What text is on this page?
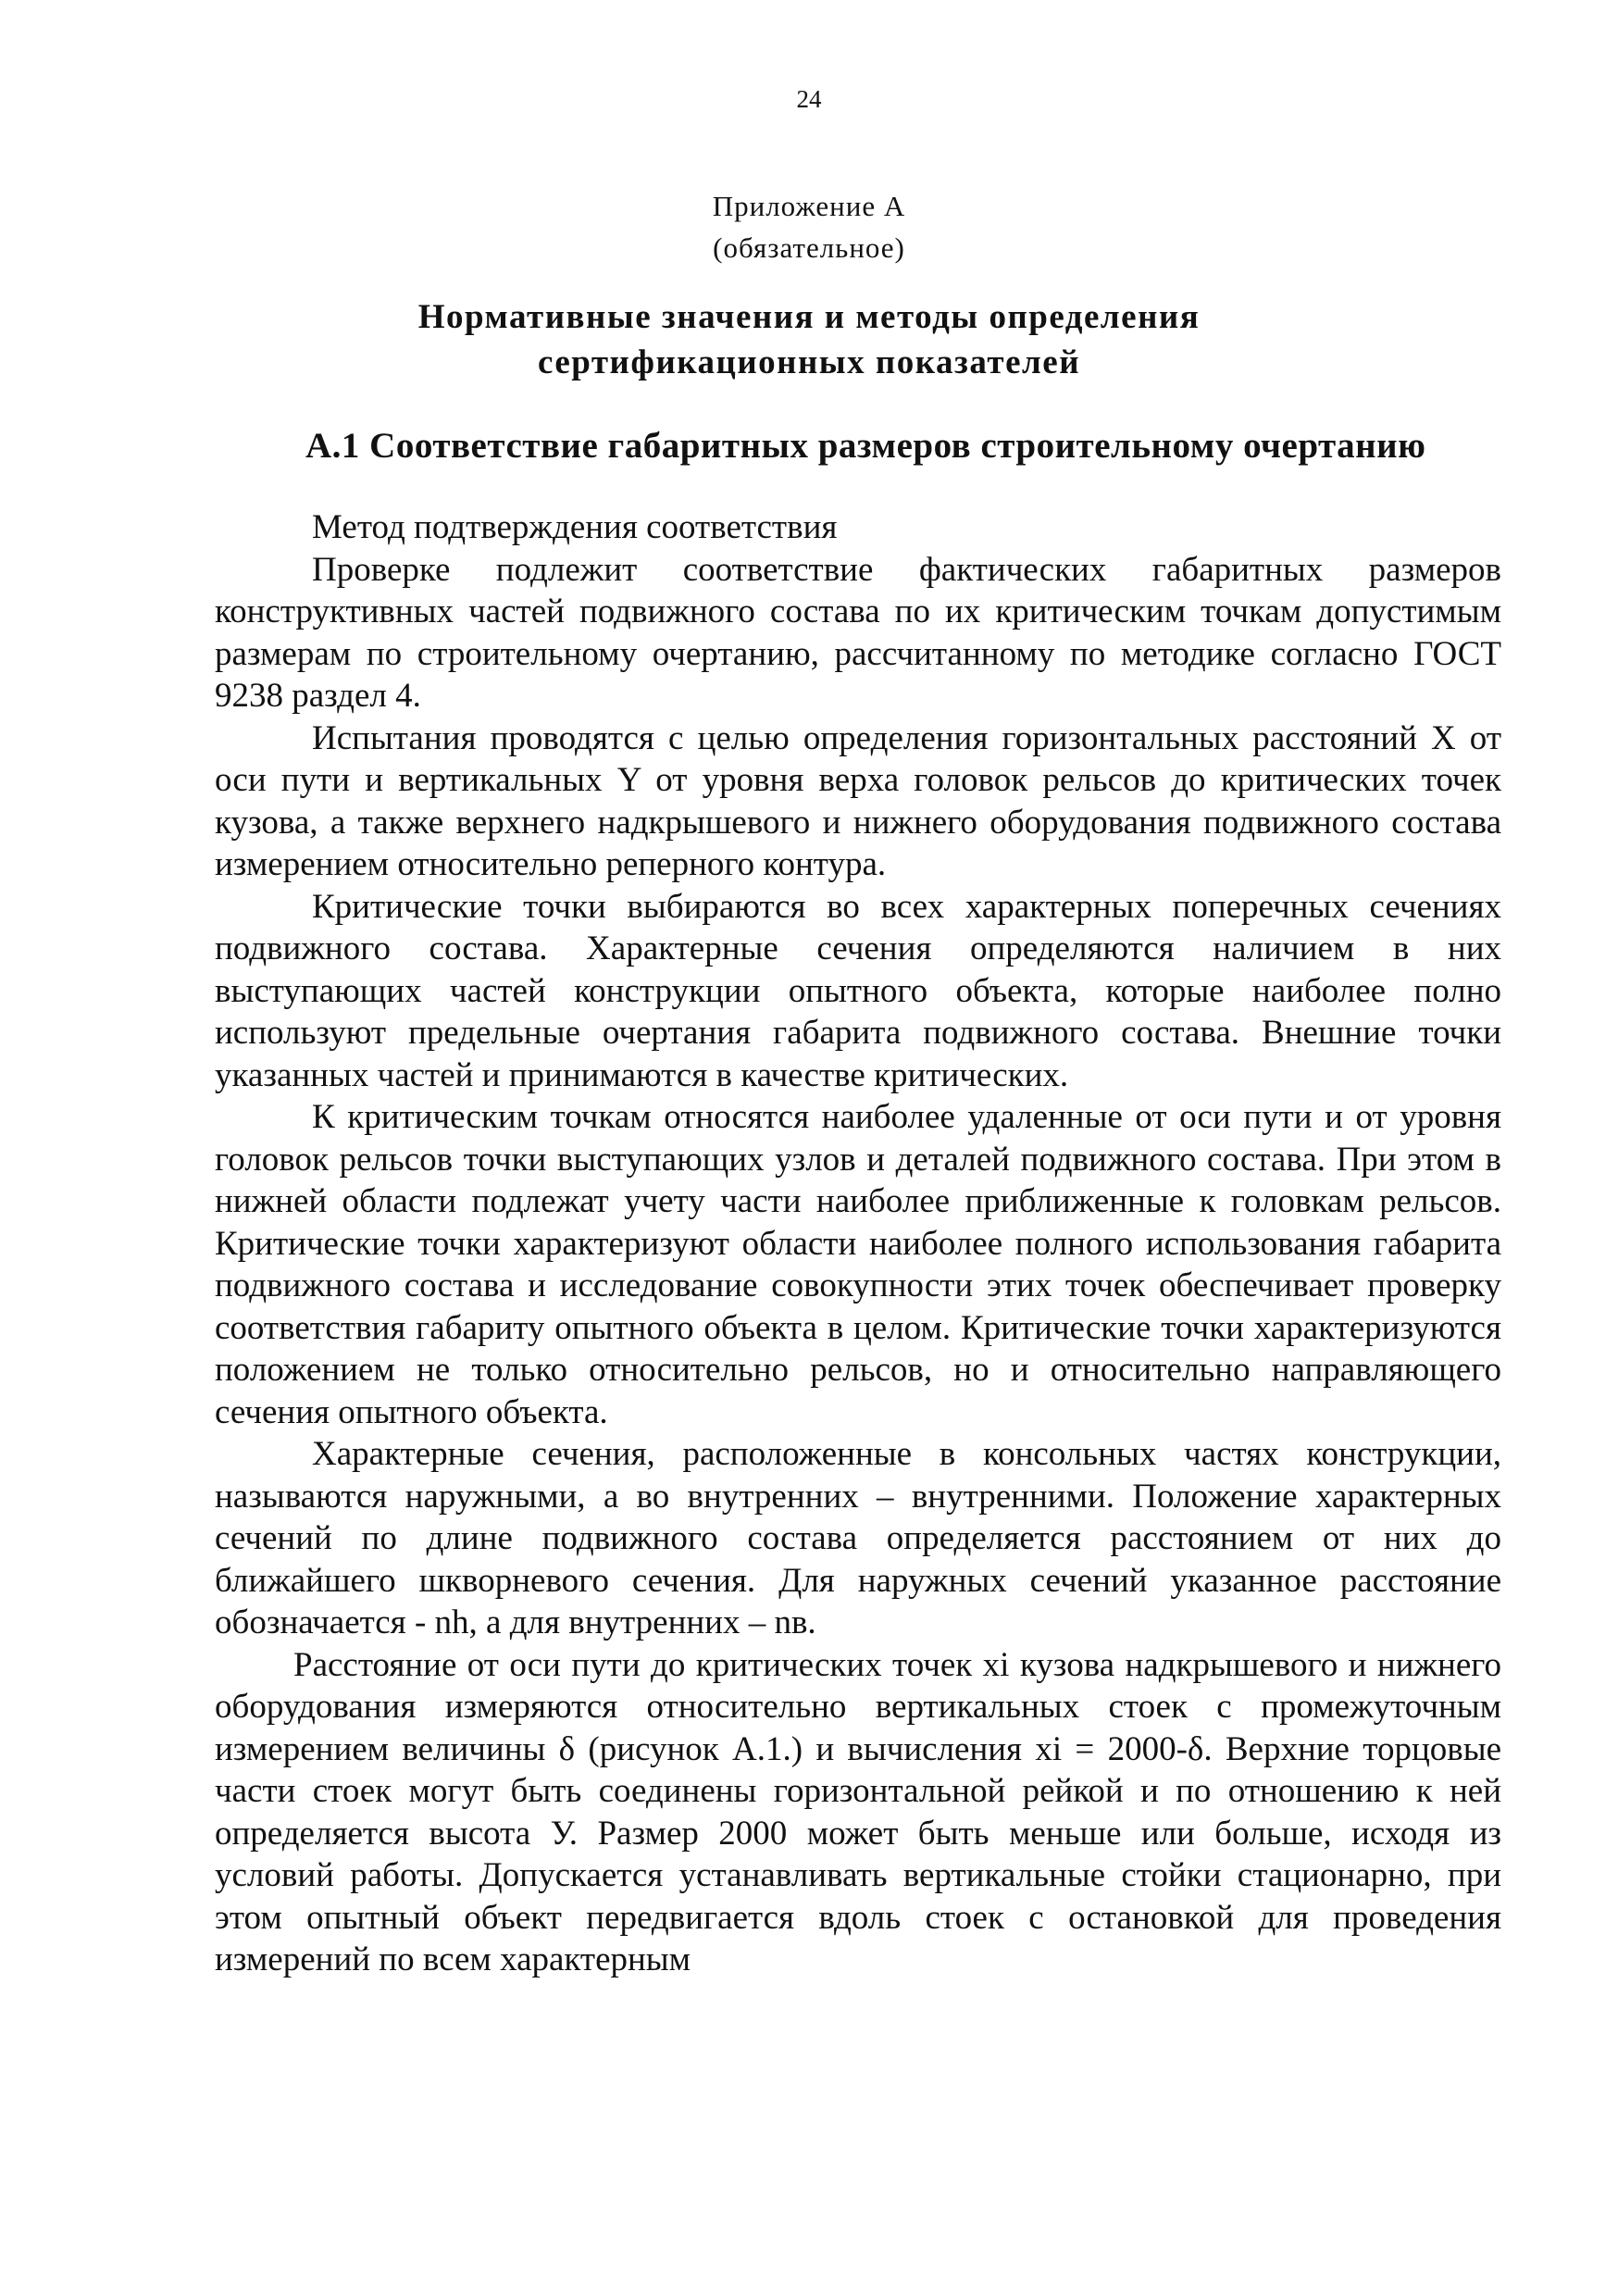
24
Приложение А
(обязательное)
Нормативные значения и методы определения
сертификационных показателей
А.1 Соответствие габаритных размеров строительному очертанию

Метод подтверждения соответствия

Проверке подлежит соответствие фактических габаритных размеров конструктивных частей подвижного состава по их критическим точкам допустимым размерам по строительному очертанию, рассчитанному по методике согласно ГОСТ 9238 раздел 4.

Испытания проводятся с целью определения горизонтальных расстояний X от оси пути и вертикальных Y от уровня верха головок рельсов до критических точек кузова, а также верхнего надкрышевого и нижнего оборудования подвижного состава измерением относительно реперного контура.

Критические точки выбираются во всех характерных поперечных сечениях подвижного состава. Характерные сечения определяются наличием в них выступающих частей конструкции опытного объекта, которые наиболее полно используют предельные очертания габарита подвижного состава. Внешние точки указанных частей и принимаются в качестве критических.

К критическим точкам относятся наиболее удаленные от оси пути и от уровня головок рельсов точки выступающих узлов и деталей подвижного состава. При этом в нижней области подлежат учету части наиболее приближенные к головкам рельсов. Критические точки характеризуют области наиболее полного использования габарита подвижного состава и исследование совокупности этих точек обеспечивает проверку соответствия габариту опытного объекта в целом. Критические точки характеризуются положением не только относительно рельсов, но и относительно направляющего сечения опытного объекта.

Характерные сечения, расположенные в консольных частях конструкции, называются наружными, а во внутренних – внутренними. Положение характерных сечений по длине подвижного состава определяется расстоянием от них до ближайшего шкворневого сечения. Для наружных сечений указанное расстояние обозначается - nh, а для внутренних – nв.

Расстояние от оси пути до критических точек xi кузова надкрышевого и нижнего оборудования измеряются относительно вертикальных стоек с промежуточным измерением величины δ (рисунок А.1.) и вычисления xi = 2000-δ. Верхние торцовые части стоек могут быть соединены горизонтальной рейкой и по отношению к ней определяется высота У. Размер 2000 может быть меньше или больше, исходя из условий работы. Допускается устанавливать вертикальные стойки стационарно, при этом опытный объект передвигается вдоль стоек с остановкой для проведения измерений по всем характерным
